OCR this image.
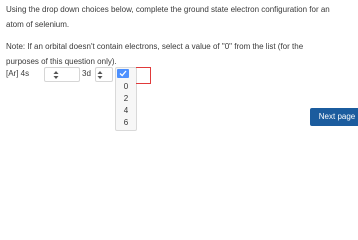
Using the drop down choices below, complete the ground state electron configuration for an atom of selenium.

Note: If an orbital doesn't contain electrons, select a value of "0" from the list (for the purposes of this question only).

[Ar] 4s	3d
0
2
4
6
Next page
